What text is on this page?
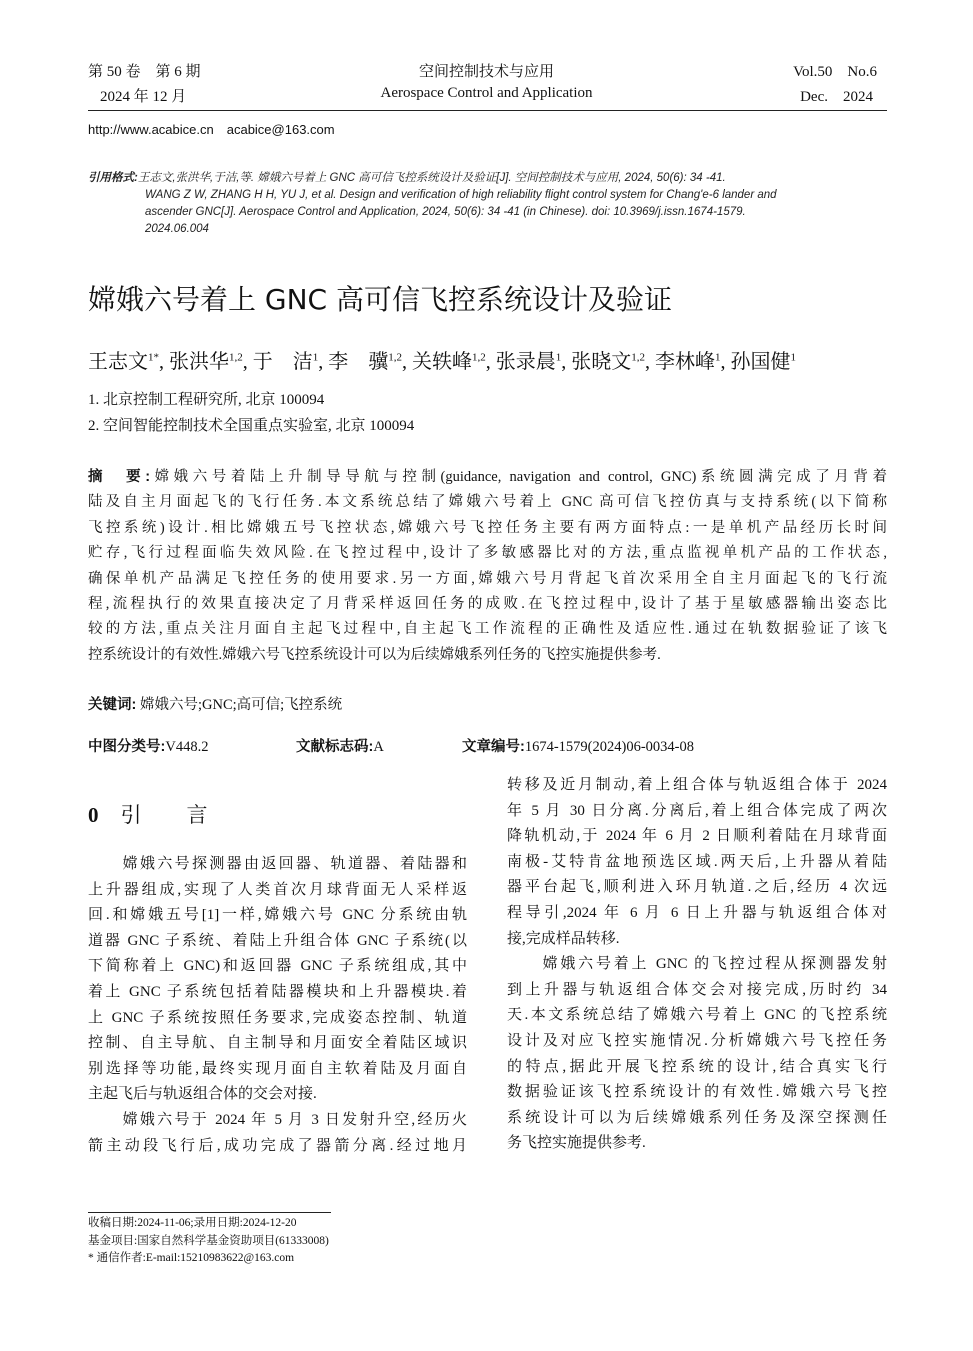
第 50 卷　第 6 期
2024 年 12 月
空间控制技术与应用
Aerospace Control and Application
Vol.50　No.6
Dec.　2024
http://www.acabice.cn　acabice@163.com
引用格式:王志文,张洪华,于洁,等. 嫦娥六号着上 GNC 高可信飞控系统设计及验证[J]. 空间控制技术与应用, 2024, 50(6): 34 -41.
WANG Z W, ZHANG H H, YU J, et al. Design and verification of high reliability flight control system for Chang'e-6 lander and
ascender GNC[J]. Aerospace Control and Application, 2024, 50(6): 34 -41 (in Chinese). doi: 10.3969/j.issn.1674-1579.
2024.06.004
嫦娥六号着上 GNC 高可信飞控系统设计及验证
王志文$^{1*}$, 张洪华$^{1,2}$, 于　洁$^1$, 李　骥$^{1,2}$, 关轶峰$^{1,2}$, 张录晨$^1$, 张晓文$^{1,2}$, 李林峰$^1$, 孙国健$^1$
1. 北京控制工程研究所, 北京 100094
2. 空间智能控制技术全国重点实验室, 北京 100094
摘　要:嫦娥六号着陆上升制导导航与控制(guidance, navigation and control, GNC)系统圆满完成了月背着
陆及自主月面起飞的飞行任务.本文系统总结了嫦娥六号着上 GNC 高可信飞控仿真与支持系统(以下简称
飞控系统)设计.相比嫦娥五号飞控状态,嫦娥六号飞控任务主要有两方面特点:一是单机产品经历长时间
贮存,飞行过程面临失效风险.在飞控过程中,设计了多敏感器比对的方法,重点监视单机产品的工作状态,
确保单机产品满足飞控任务的使用要求.另一方面,嫦娥六号月背起飞首次采用全自主月面起飞的飞行流
程,流程执行的效果直接决定了月背采样返回任务的成败.在飞控过程中,设计了基于星敏感器输出姿态比
较的方法,重点关注月面自主起飞过程中,自主起飞工作流程的正确性及适应性.通过在轨数据验证了该飞
控系统设计的有效性.嫦娥六号飞控系统设计可以为后续嫦娥系列任务的飞控实施提供参考.
关键词: 嫦娥六号;GNC;高可信;飞控系统
中图分类号:V448.2	文献标志码:A	文章编号:1674-1579(2024)06-0034-08
0 引　言
　　嫦娥六号探测器由返回器、轨道器、着陆器和
上升器组成,实现了人类首次月球背面无人采样返
回.和嫦娥五号[1]一样,嫦娥六号 GNC 分系统由轨
道器 GNC 子系统、着陆上升组合体 GNC 子系统(以
下简称着上 GNC)和返回器 GNC 子系统组成,其中
着上 GNC 子系统包括着陆器模块和上升器模块.着
上 GNC 子系统按照任务要求,完成姿态控制、轨道
控制、自主导航、自主制导和月面安全着陆区域识
别选择等功能,最终实现月面自主软着陆及月面自
主起飞后与轨返组合体的交会对接.
　　嫦娥六号于 2024 年 5 月 3 日发射升空,经历火
箭主动段飞行后,成功完成了器箭分离.经过地月
转移及近月制动,着上组合体与轨返组合体于 2024
年 5 月 30 日分离.分离后,着上组合体完成了两次
降轨机动,于 2024 年 6 月 2 日顺利着陆在月球背面
南极-艾特肯盆地预选区域.两天后,上升器从着陆
器平台起飞,顺利进入环月轨道.之后,经历 4 次远
程导引,2024 年 6 月 6 日上升器与轨返组合体对
接,完成样品转移.
　　嫦娥六号着上 GNC 的飞控过程从探测器发射
到上升器与轨返组合体交会对接完成,历时约 34
天.本文系统总结了嫦娥六号着上 GNC 的飞控系统
设计及对应飞控实施情况.分析嫦娥六号飞控任务
的特点,据此开展飞控系统的设计,结合真实飞行
数据验证该飞控系统设计的有效性.嫦娥六号飞控
系统设计可以为后续嫦娥系列任务及深空探测任
务飞控实施提供参考.
收稿日期:2024-11-06;录用日期:2024-12-20
基金项目:国家自然科学基金资助项目(61333008)
* 通信作者:E-mail:15210983622@163.com
